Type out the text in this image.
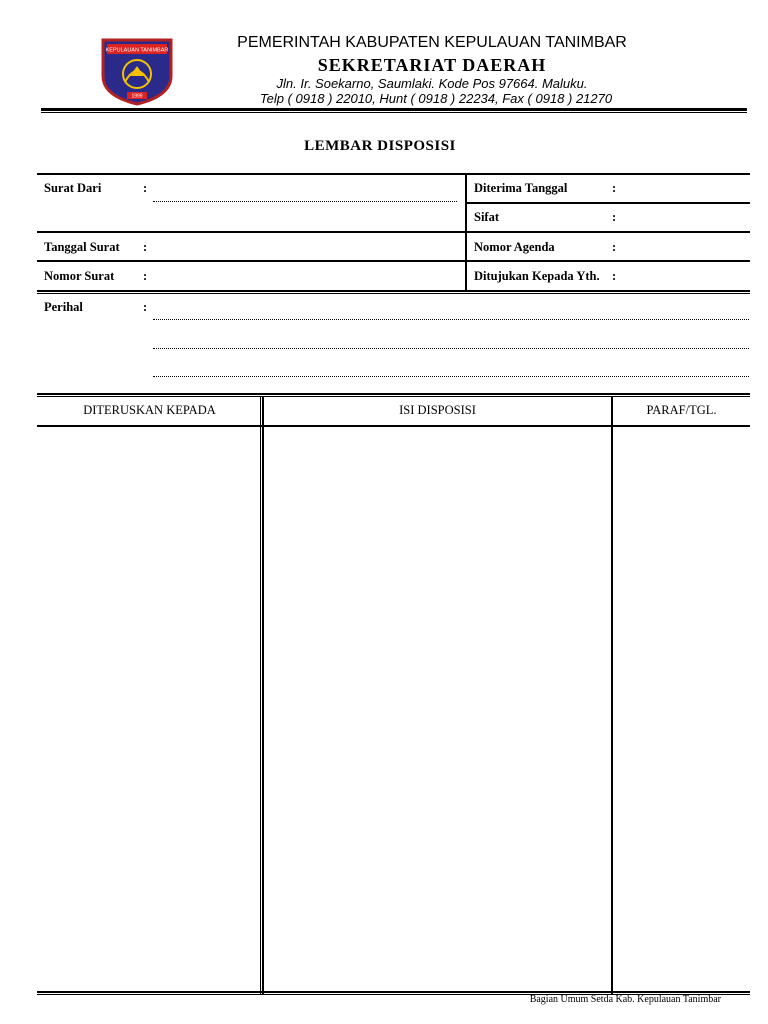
KEPULAUAN TANIMBAR
1999
PEMERINTAH KABUPATEN KEPULAUAN TANIMBAR
SEKRETARIAT DAERAH
Jln. Ir. Soekarno, Saumlaki. Kode Pos 97664. Maluku.
Telp ( 0918 ) 22010, Hunt ( 0918 ) 22234, Fax ( 0918 ) 21270
LEMBAR DISPOSISI
Surat Dari	:
Tanggal Surat :
Nomor Surat :
Diterima Tanggal	:
Sifat	:
Nomor Agenda	:
Ditujukan Kepada Yth. :
Perihal	:
DITERUSKAN KEPADA	ISI DISPOSISI	PARAF/TGL.
Bagian Umum Setda Kab. Kepulauan Tanimbar
